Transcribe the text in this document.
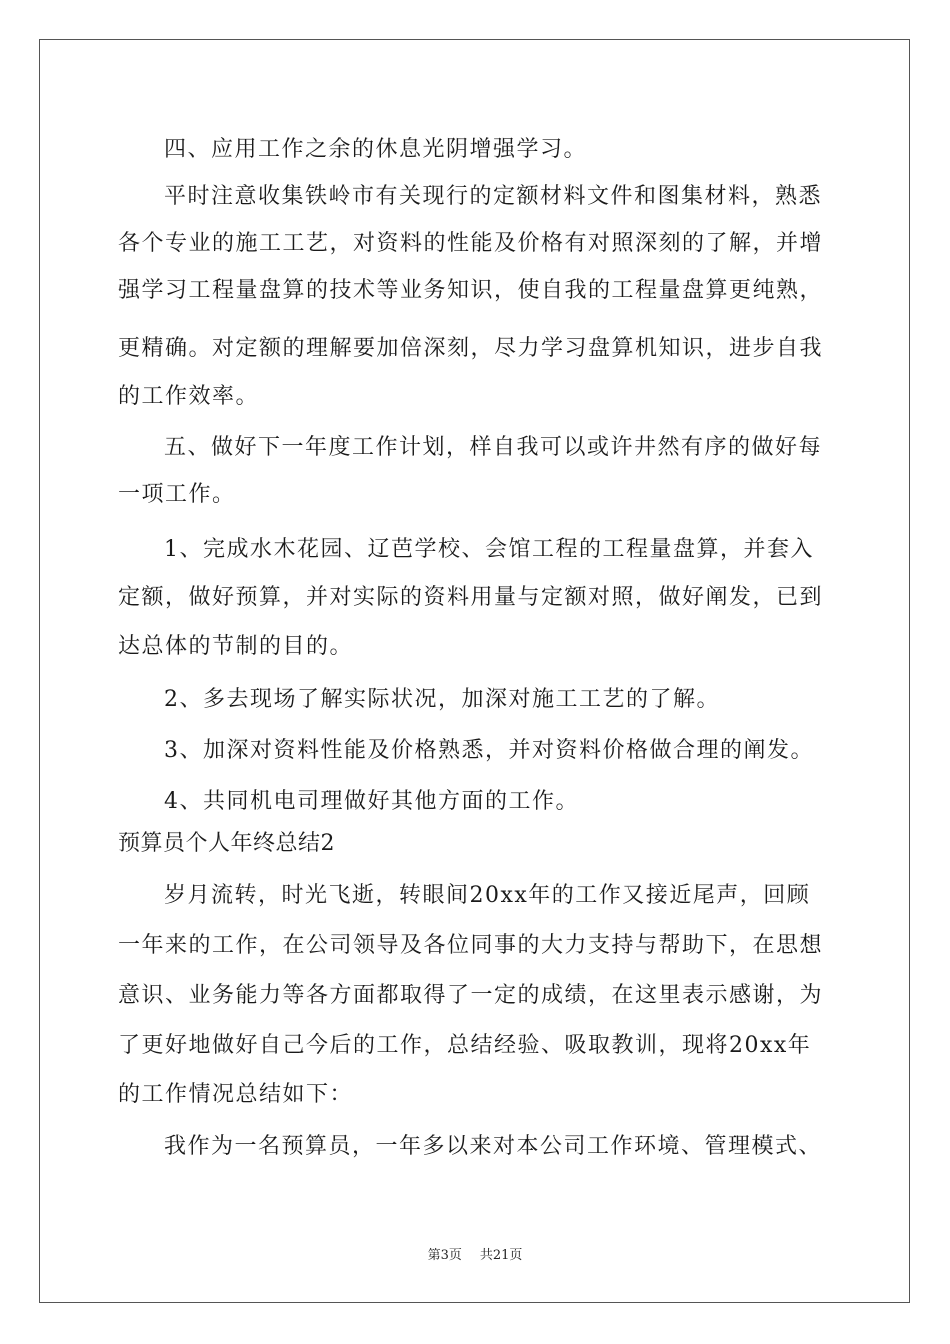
四、应用工作之余的休息光阴增强学习。
平时注意收集铁岭市有关现行的定额材料文件和图集材料，熟悉
各个专业的施工工艺，对资料的性能及价格有对照深刻的了解，并增
强学习工程量盘算的技术等业务知识，使自我的工程量盘算更纯熟，
更精确。对定额的理解要加倍深刻，尽力学习盘算机知识，进步自我
的工作效率。
五、做好下一年度工作计划，样自我可以或许井然有序的做好每
一项工作。
1、完成水木花园、辽芭学校、会馆工程的工程量盘算，并套入
定额，做好预算，并对实际的资料用量与定额对照，做好阐发，已到
达总体的节制的目的。
2、多去现场了解实际状况，加深对施工工艺的了解。
3、加深对资料性能及价格熟悉，并对资料价格做合理的阐发。
4、共同机电司理做好其他方面的工作。
预算员个人年终总结2
岁月流转，时光飞逝，转眼间20xx年的工作又接近尾声，回顾
一年来的工作，在公司领导及各位同事的大力支持与帮助下，在思想
意识、业务能力等各方面都取得了一定的成绩，在这里表示感谢，为
了更好地做好自己今后的工作，总结经验、吸取教训，现将20xx年
的工作情况总结如下：
我作为一名预算员，一年多以来对本公司工作环境、管理模式、
第3页 共21页
